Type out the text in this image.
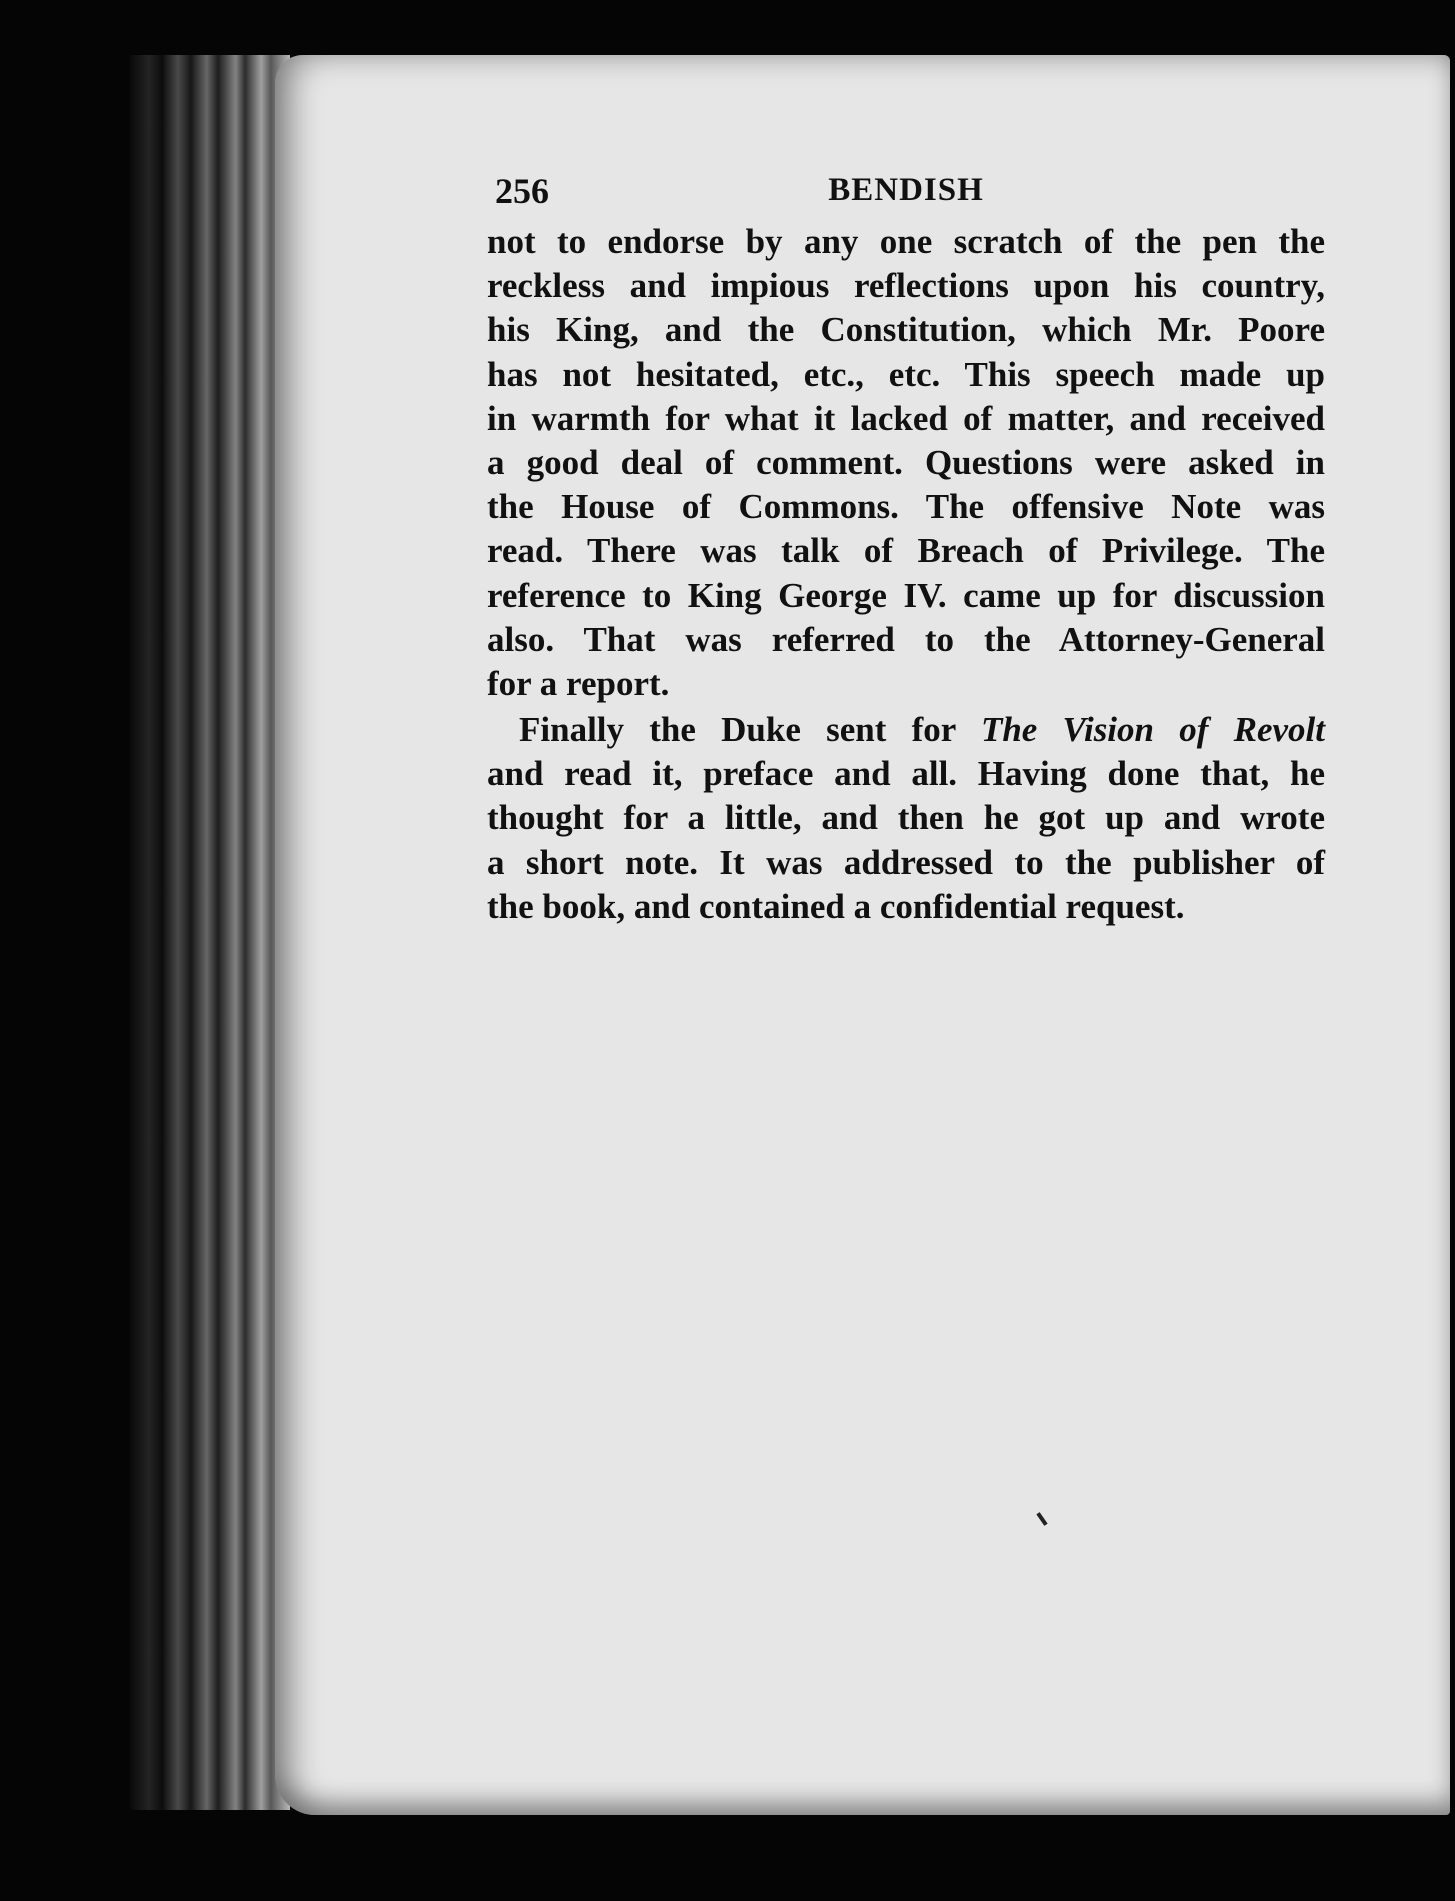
256	BENDISH
not to endorse by any one scratch of the pen the
reckless and impious reflections upon his country,
his King, and the Constitution, which Mr. Poore
has not hesitated, etc., etc. This speech made up
in warmth for what it lacked of matter, and received
a good deal of comment. Questions were asked in
the House of Commons. The offensive Note was
read. There was talk of Breach of Privilege. The
reference to King George IV. came up for discussion
also. That was referred to the Attorney-General
for a report.
Finally the Duke sent for The Vision of Revolt
and read it, preface and all. Having done that, he
thought for a little, and then he got up and wrote
a short note. It was addressed to the publisher of
the book, and contained a confidential request.
